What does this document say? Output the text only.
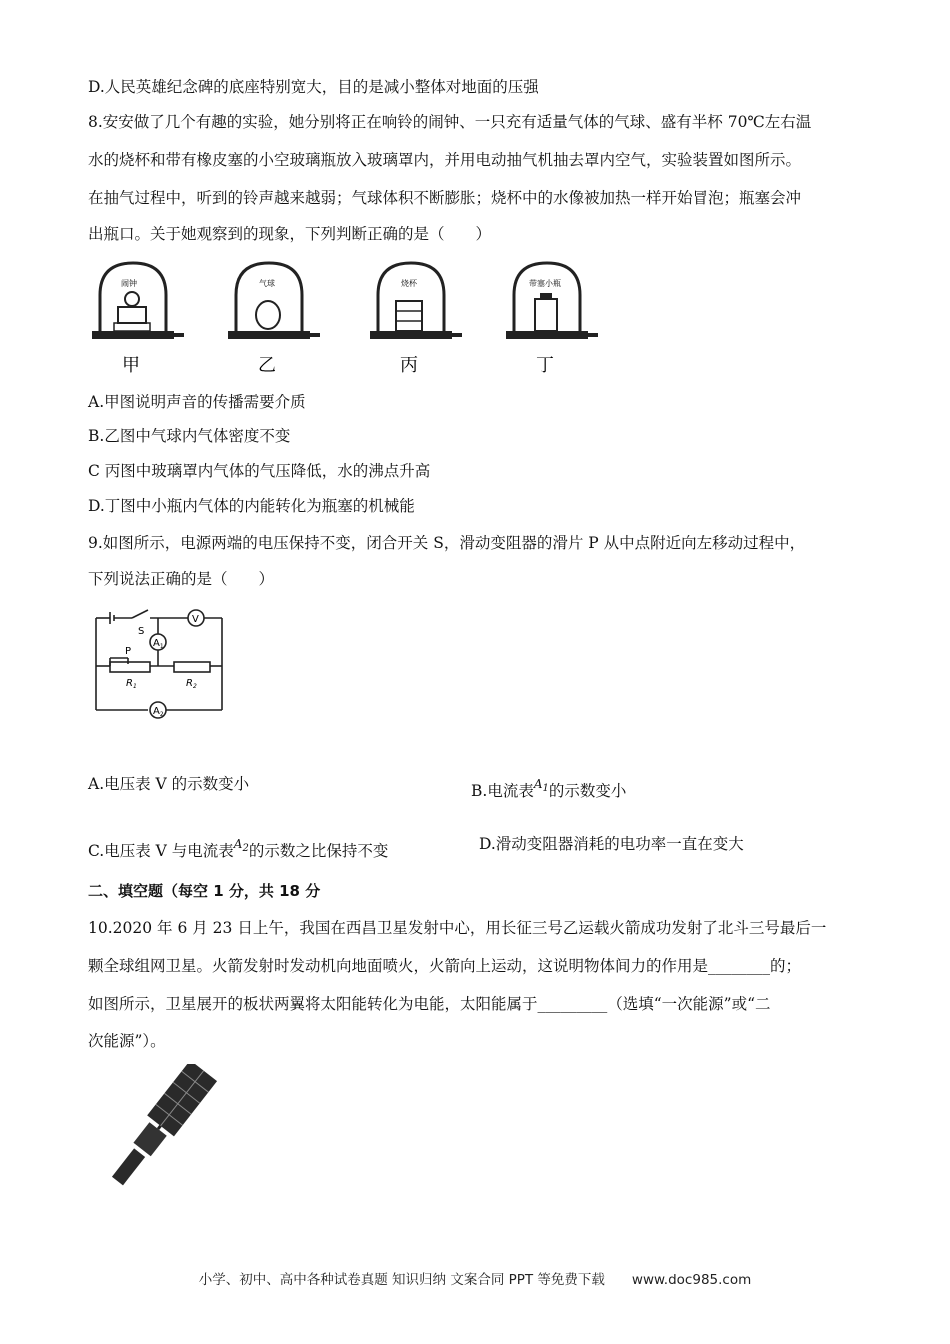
D.人民英雄纪念碑的底座特别宽大，目的是减小整体对地面的压强
8.安安做了几个有趣的实验，她分别将正在响铃的闹钟、一只充有适量气体的气球、盛有半杯 70℃左右温
水的烧杯和带有橡皮塞的小空玻璃瓶放入玻璃罩内，并用电动抽气机抽去罩内空气，实验装置如图所示。
在抽气过程中，听到的铃声越来越弱；气球体积不断膨胀；烧杯中的水像被加热一样开始冒泡；瓶塞会冲
出瓶口。关于她观察到的现象，下列判断正确的是（　　）
闹钟
甲
气球
乙
烧杯
丙
带塞小瓶
丁
A.甲图说明声音的传播需要介质
B.乙图中气球内气体密度不变
C 丙图中玻璃罩内气体的气压降低，水的沸点升高
D.丁图中小瓶内气体的内能转化为瓶塞的机械能
9.如图所示，电源两端的电压保持不变，闭合开关 S，滑动变阻器的滑片 P 从中点附近向左移动过程中，
下列说法正确的是（　　）
S
P
V
$A_1$
$A_2$
$R_1$	$R_2$
A.电压表 V 的示数变小	B.电流表$^{A_1}$的示数变小
C.电压表 V 与电流表$^{A_2}$的示数之比保持不变	D.滑动变阻器消耗的电功率一直在变大
二、填空题（每空 1 分，共 18 分
10.2020 年 6 月 23 日上午，我国在西昌卫星发射中心，用长征三号乙运载火箭成功发射了北斗三号最后一
颗全球组网卫星。火箭发射时发动机向地面喷火，火箭向上运动，这说明物体间力的作用是________的；
如图所示，卫星展开的板状两翼将太阳能转化为电能，太阳能属于_________（选填“一次能源”或“二
次能源”）。
小学、初中、高中各种试卷真题 知识归纳 文案合同 PPT 等免费下载　　www.doc985.com
